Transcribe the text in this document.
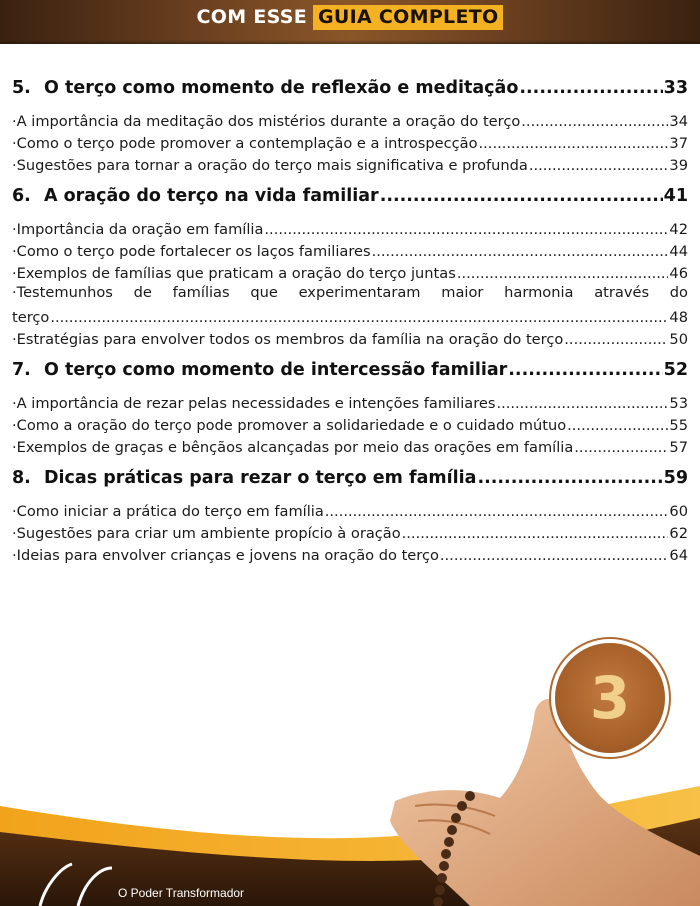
COM ESSE GUIA COMPLETO
5. O terço como momento de reflexão e meditação .....	33
·A importância da meditação dos mistérios durante a oração do terço .....	34
·Como o terço pode promover a contemplação e a introspecção .....	37
·Sugestões para tornar a oração do terço mais significativa e profunda .....	39
6. A oração do terço na vida familiar .....	41
·Importância da oração em família .....	42
·Como o terço pode fortalecer os laços familiares .....	44
·Exemplos de famílias que praticam a oração do terço juntas .....	46
·Testemunhos de famílias que experimentaram maior harmonia através do
terço .....	48
·Estratégias para envolver todos os membros da família na oração do terço .....	50
7. O terço como momento de intercessão familiar .....	52
·A importância de rezar pelas necessidades e intenções familiares .....	53
·Como a oração do terço pode promover a solidariedade e o cuidado mútuo .....	55
·Exemplos de graças e bênçãos alcançadas por meio das orações em família .....	57
8. Dicas práticas para rezar o terço em família .....	59
·Como iniciar a prática do terço em família .....	60
·Sugestões para criar um ambiente propício à oração .....	62
·Ideias para envolver crianças e jovens na oração do terço .....	64
3
O Poder Transformador
